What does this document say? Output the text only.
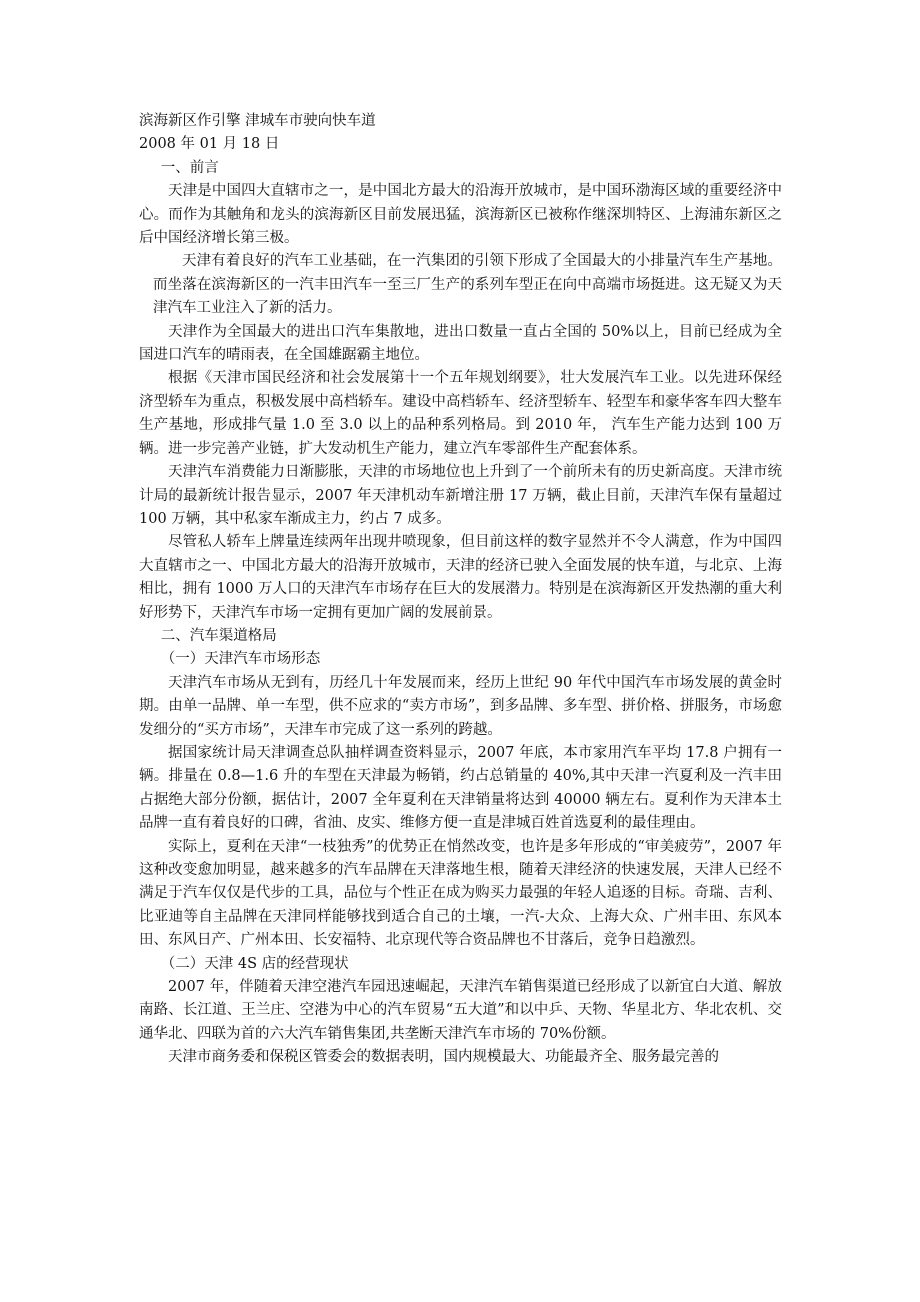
滨海新区作引擎 津城车市驶向快车道

2008 年 01 月 18 日

一、前言

天津是中国四大直辖市之一，是中国北方最大的沿海开放城市，是中国环渤海区域的重要经济中心。而作为其触角和龙头的滨海新区目前发展迅猛，滨海新区已被称作继深圳特区、上海浦东新区之后中国经济增长第三极。

天津有着良好的汽车工业基础，在一汽集团的引领下形成了全国最大的小排量汽车生产基地。而坐落在滨海新区的一汽丰田汽车一至三厂生产的系列车型正在向中高端市场挺进。这无疑又为天津汽车工业注入了新的活力。

天津作为全国最大的进出口汽车集散地，进出口数量一直占全国的 50%以上，目前已经成为全国进口汽车的晴雨表，在全国雄踞霸主地位。

根据《天津市国民经济和社会发展第十一个五年规划纲要》，壮大发展汽车工业。以先进环保经济型轿车为重点，积极发展中高档轿车。建设中高档轿车、经济型轿车、轻型车和豪华客车四大整车生产基地，形成排气量 1.0 至 3.0 以上的品种系列格局。到 2010 年， 汽车生产能力达到 100 万辆。进一步完善产业链，扩大发动机生产能力，建立汽车零部件生产配套体系。

天津汽车消费能力日渐膨胀，天津的市场地位也上升到了一个前所未有的历史新高度。天津市统计局的最新统计报告显示，2007 年天津机动车新增注册 17 万辆，截止目前，天津汽车保有量超过 100 万辆，其中私家车渐成主力，约占 7 成多。

尽管私人轿车上牌量连续两年出现井喷现象，但目前这样的数字显然并不令人满意，作为中国四大直辖市之一、中国北方最大的沿海开放城市，天津的经济已驶入全面发展的快车道，与北京、上海相比，拥有 1000 万人口的天津汽车市场存在巨大的发展潜力。特别是在滨海新区开发热潮的重大利好形势下，天津汽车市场一定拥有更加广阔的发展前景。

二、汽车渠道格局

（一）天津汽车市场形态

天津汽车市场从无到有，历经几十年发展而来，经历上世纪 90 年代中国汽车市场发展的黄金时期。由单一品牌、单一车型，供不应求的“卖方市场”，到多品牌、多车型、拼价格、拼服务，市场愈发细分的“买方市场”，天津车市完成了这一系列的跨越。

据国家统计局天津调查总队抽样调查资料显示，2007 年底，本市家用汽车平均 17.8 户拥有一辆。排量在 0.8—1.6 升的车型在天津最为畅销，约占总销量的 40%,其中天津一汽夏利及一汽丰田占据绝大部分份额，据估计，2007 全年夏利在天津销量将达到 40000 辆左右。夏利作为天津本土品牌一直有着良好的口碑，省油、皮实、维修方便一直是津城百姓首选夏利的最佳理由。

实际上，夏利在天津“一枝独秀”的优势正在悄然改变，也许是多年形成的“审美疲劳”，2007 年这种改变愈加明显，越来越多的汽车品牌在天津落地生根，随着天津经济的快速发展，天津人已经不满足于汽车仅仅是代步的工具，品位与个性正在成为购买力最强的年轻人追逐的目标。奇瑞、吉利、比亚迪等自主品牌在天津同样能够找到适合自己的土壤，一汽-大众、上海大众、广州丰田、东风本田、东风日产、广州本田、长安福特、北京现代等合资品牌也不甘落后，竞争日趋激烈。

（二）天津 4S 店的经营现状

2007 年，伴随着天津空港汽车园迅速崛起，天津汽车销售渠道已经形成了以新宜白大道、解放南路、长江道、王兰庄、空港为中心的汽车贸易“五大道”和以中乒、天物、华星北方、华北农机、交通华北、四联为首的六大汽车销售集团,共垄断天津汽车市场的 70%份额。

天津市商务委和保税区管委会的数据表明，国内规模最大、功能最齐全、服务最完善的
